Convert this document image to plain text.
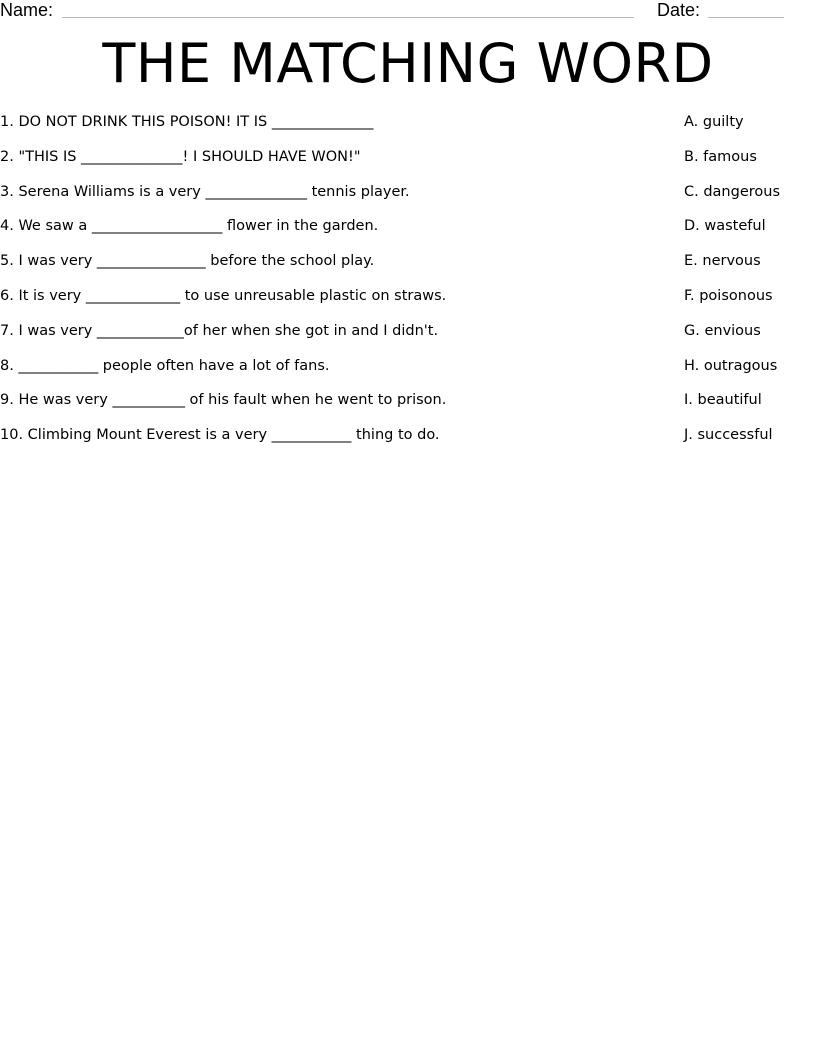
Name:	Date:
THE MATCHING WORD
1. DO NOT DRINK THIS POISON! IT IS ______________
2. "THIS IS ______________! I SHOULD HAVE WON!"
3. Serena Williams is a very ______________ tennis player.
4. We saw a __________________ flower in the garden.
5. I was very _______________ before the school play.
6. It is very _____________ to use unreusable plastic on straws.
7. I was very ____________of her when she got in and I didn't.
8. ___________ people often have a lot of fans.
9. He was very __________ of his fault when he went to prison.
10. Climbing Mount Everest is a very ___________ thing to do.
A. guilty
B. famous
C. dangerous
D. wasteful
E. nervous
F. poisonous
G. envious
H. outragous
I. beautiful
J. successful
